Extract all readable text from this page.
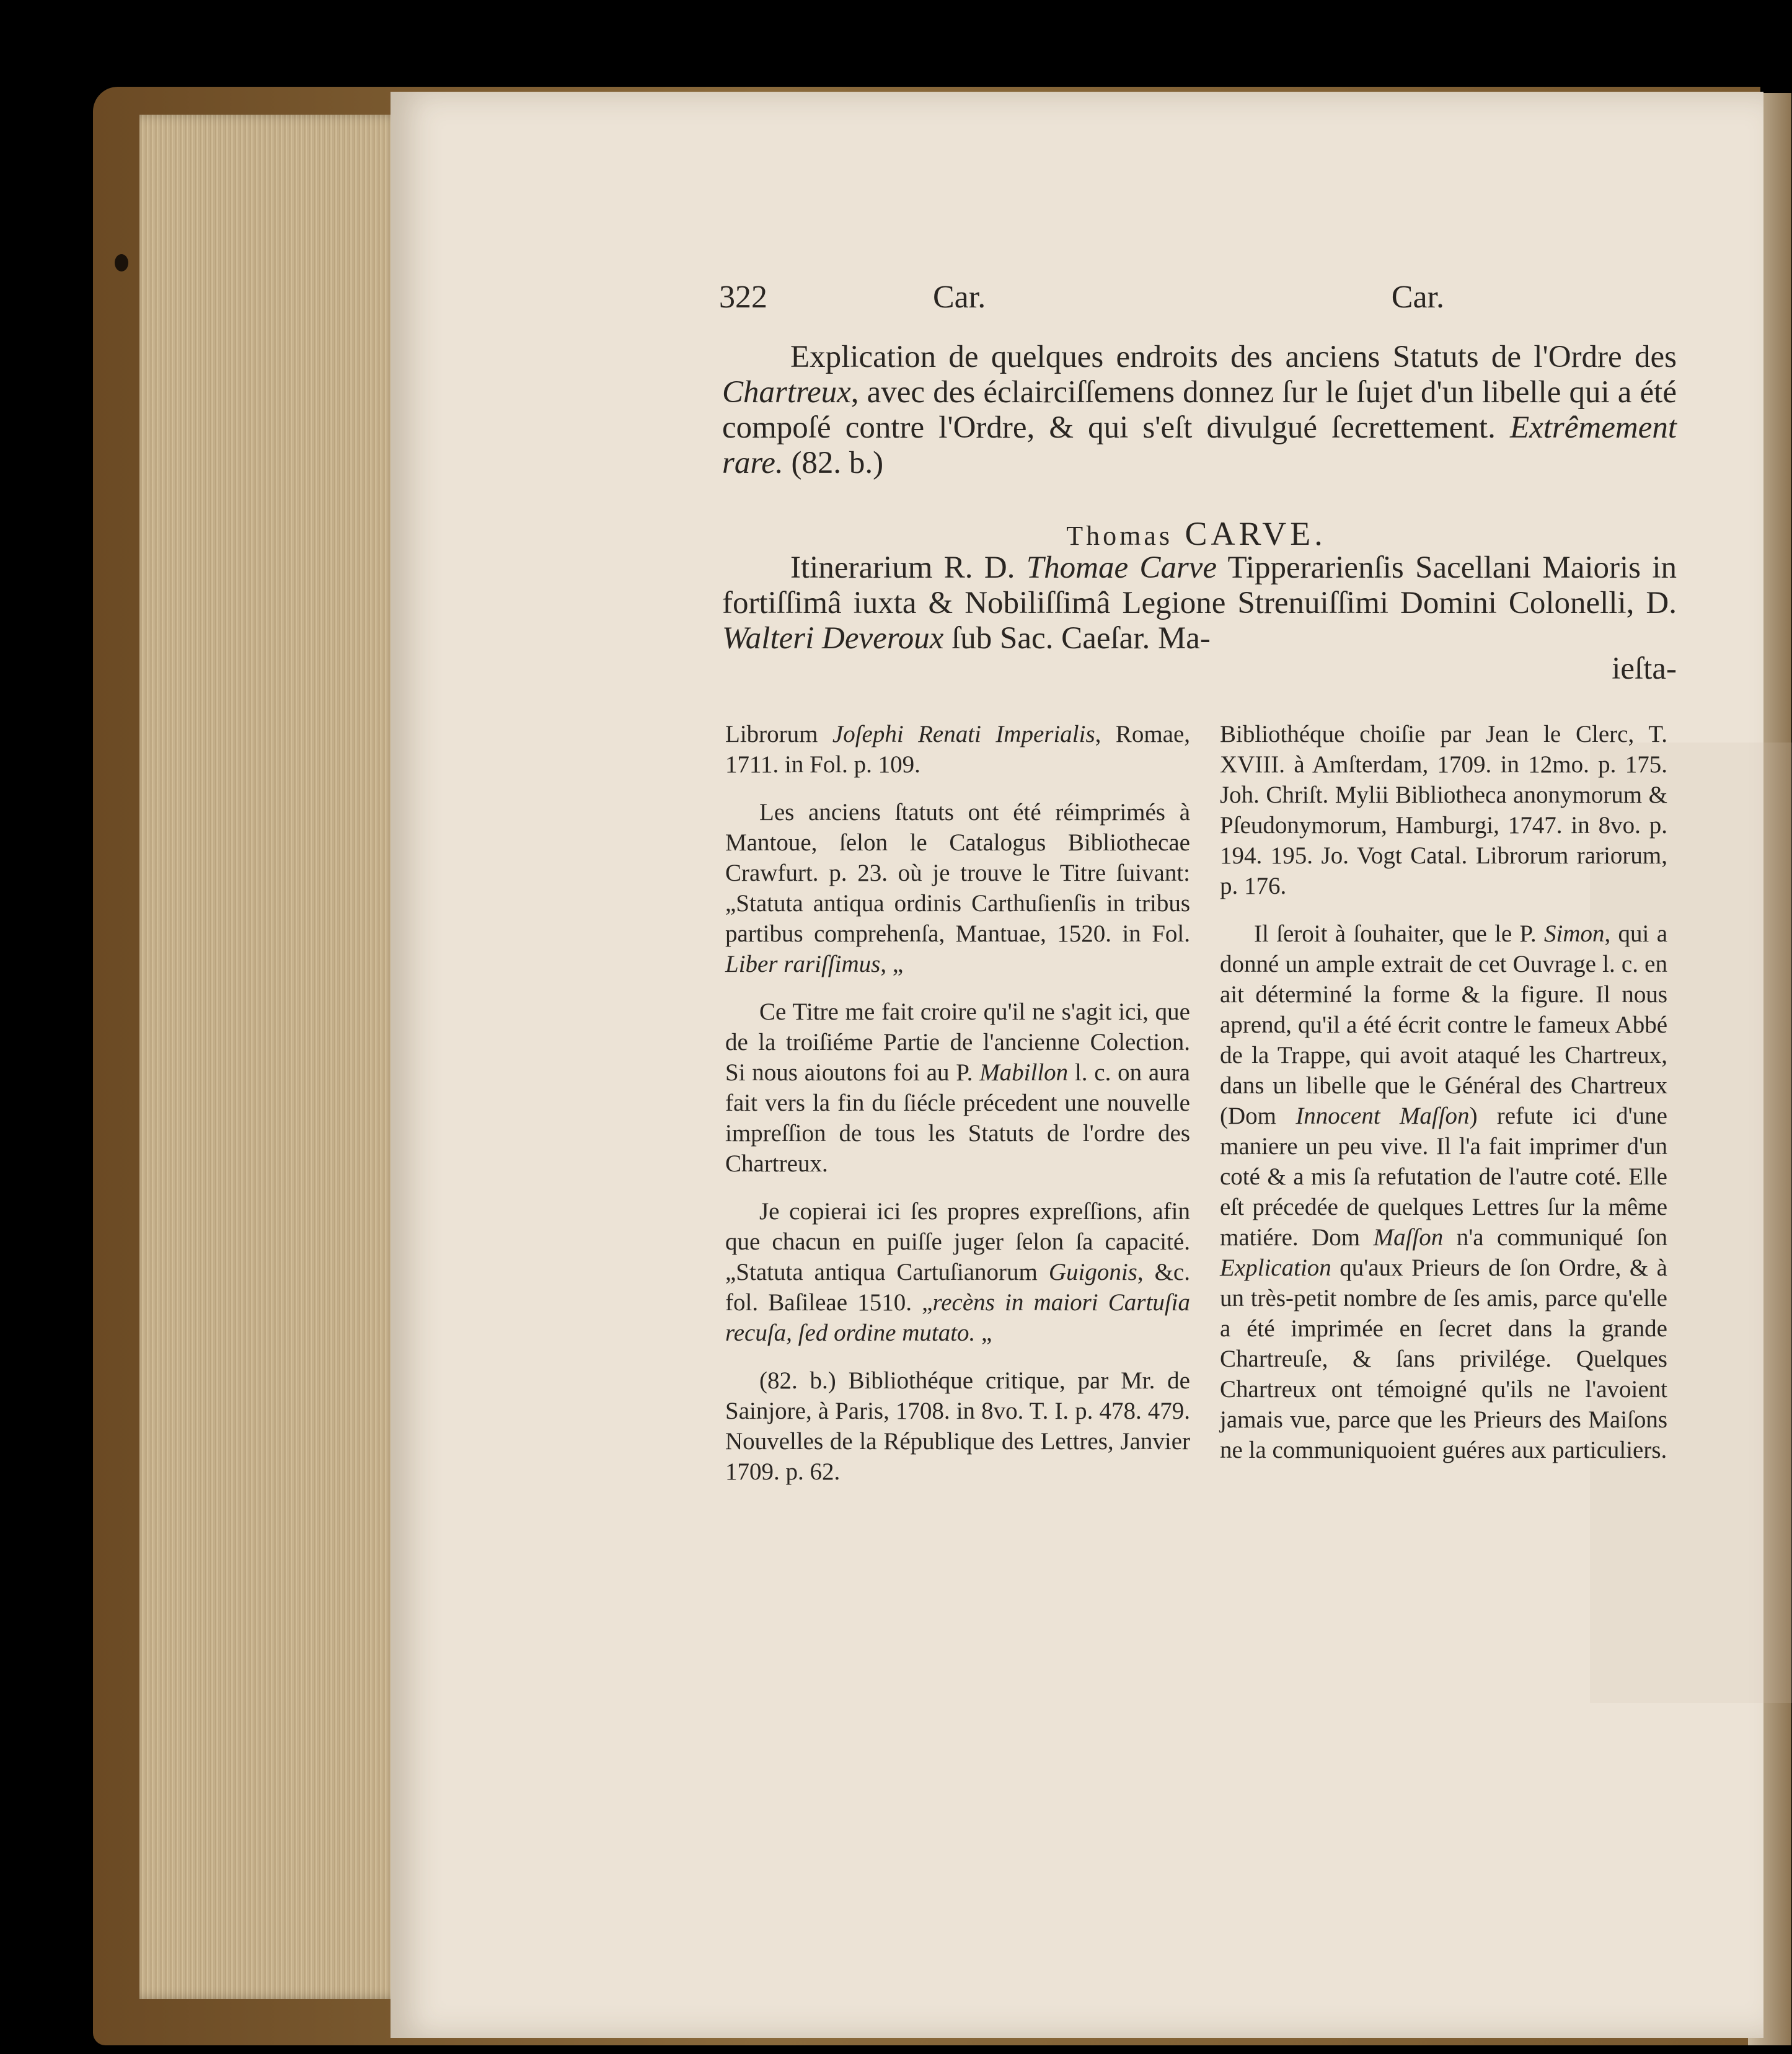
322	Car.	Car.

Explication de quelques endroits des anciens Statuts de l'Ordre des Chartreux, avec des éclairciſſemens donnez ſur le ſujet d'un libelle qui a été compoſé contre l'Ordre, & qui s'eſt divulgué ſecrettement. Extrêmement rare. (82. b.)

Thomas CARVE.

Itinerarium R. D. Thomae Carve Tipperarienſis Sacellani Maioris in fortiſſimâ iuxta & Nobiliſſimâ Legione Strenuiſſimi Domini Colonelli, D. Walteri Deveroux ſub Sac. Caeſar. Ma-

ieſta-

Librorum Joſephi Renati Imperialis, Romae, 1711. in Fol. p. 109.

Les anciens ſtatuts ont été réimprimés à Mantoue, ſelon le Catalogus Bibliothecae Crawfurt. p. 23. où je trouve le Titre ſuivant: „Statuta antiqua ordinis Carthuſienſis in tribus partibus comprehenſa, Mantuae, 1520. in Fol. Liber rariſſimus, „

Ce Titre me fait croire qu'il ne s'agit ici, que de la troiſiéme Partie de l'ancienne Colection. Si nous aioutons foi au P. Mabillon l. c. on aura fait vers la fin du ſiécle précedent une nouvelle impreſſion de tous les Statuts de l'ordre des Chartreux.

Je copierai ici ſes propres expreſſions, afin que chacun en puiſſe juger ſelon ſa capacité. „Statuta antiqua Cartuſianorum Guigonis, &c. fol. Baſileae 1510. „recèns in maiori Cartuſia recuſa, ſed ordine mutato. „

(82. b.) Bibliothéque critique, par Mr. de Sainjore, à Paris, 1708. in 8vo. T. I. p. 478. 479. Nouvelles de la République des Lettres, Janvier 1709. p. 62.

Bibliothéque choiſie par Jean le Clerc, T. XVIII. à Amſterdam, 1709. in 12mo. p. 175. Joh. Chriſt. Mylii Bibliotheca anonymorum & Pſeudonymorum, Hamburgi, 1747. in 8vo. p. 194. 195. Jo. Vogt Catal. Librorum rariorum, p. 176.

Il ſeroit à ſouhaiter, que le P. Simon, qui a donné un ample extrait de cet Ouvrage l. c. en ait déterminé la forme & la figure. Il nous aprend, qu'il a été écrit contre le fameux Abbé de la Trappe, qui avoit ataqué les Chartreux, dans un libelle que le Général des Chartreux (Dom Innocent Maſſon) refute ici d'une maniere un peu vive. Il l'a fait imprimer d'un coté & a mis ſa refutation de l'autre coté. Elle eſt précedée de quelques Lettres ſur la même matiére. Dom Maſſon n'a communiqué ſon Explication qu'aux Prieurs de ſon Ordre, & à un très-petit nombre de ſes amis, parce qu'elle a été imprimée en ſecret dans la grande Chartreuſe, & ſans privilége. Quelques Chartreux ont témoigné qu'ils ne l'avoient jamais vue, parce que les Prieurs des Maiſons ne la communiquoient guéres aux particuliers.
